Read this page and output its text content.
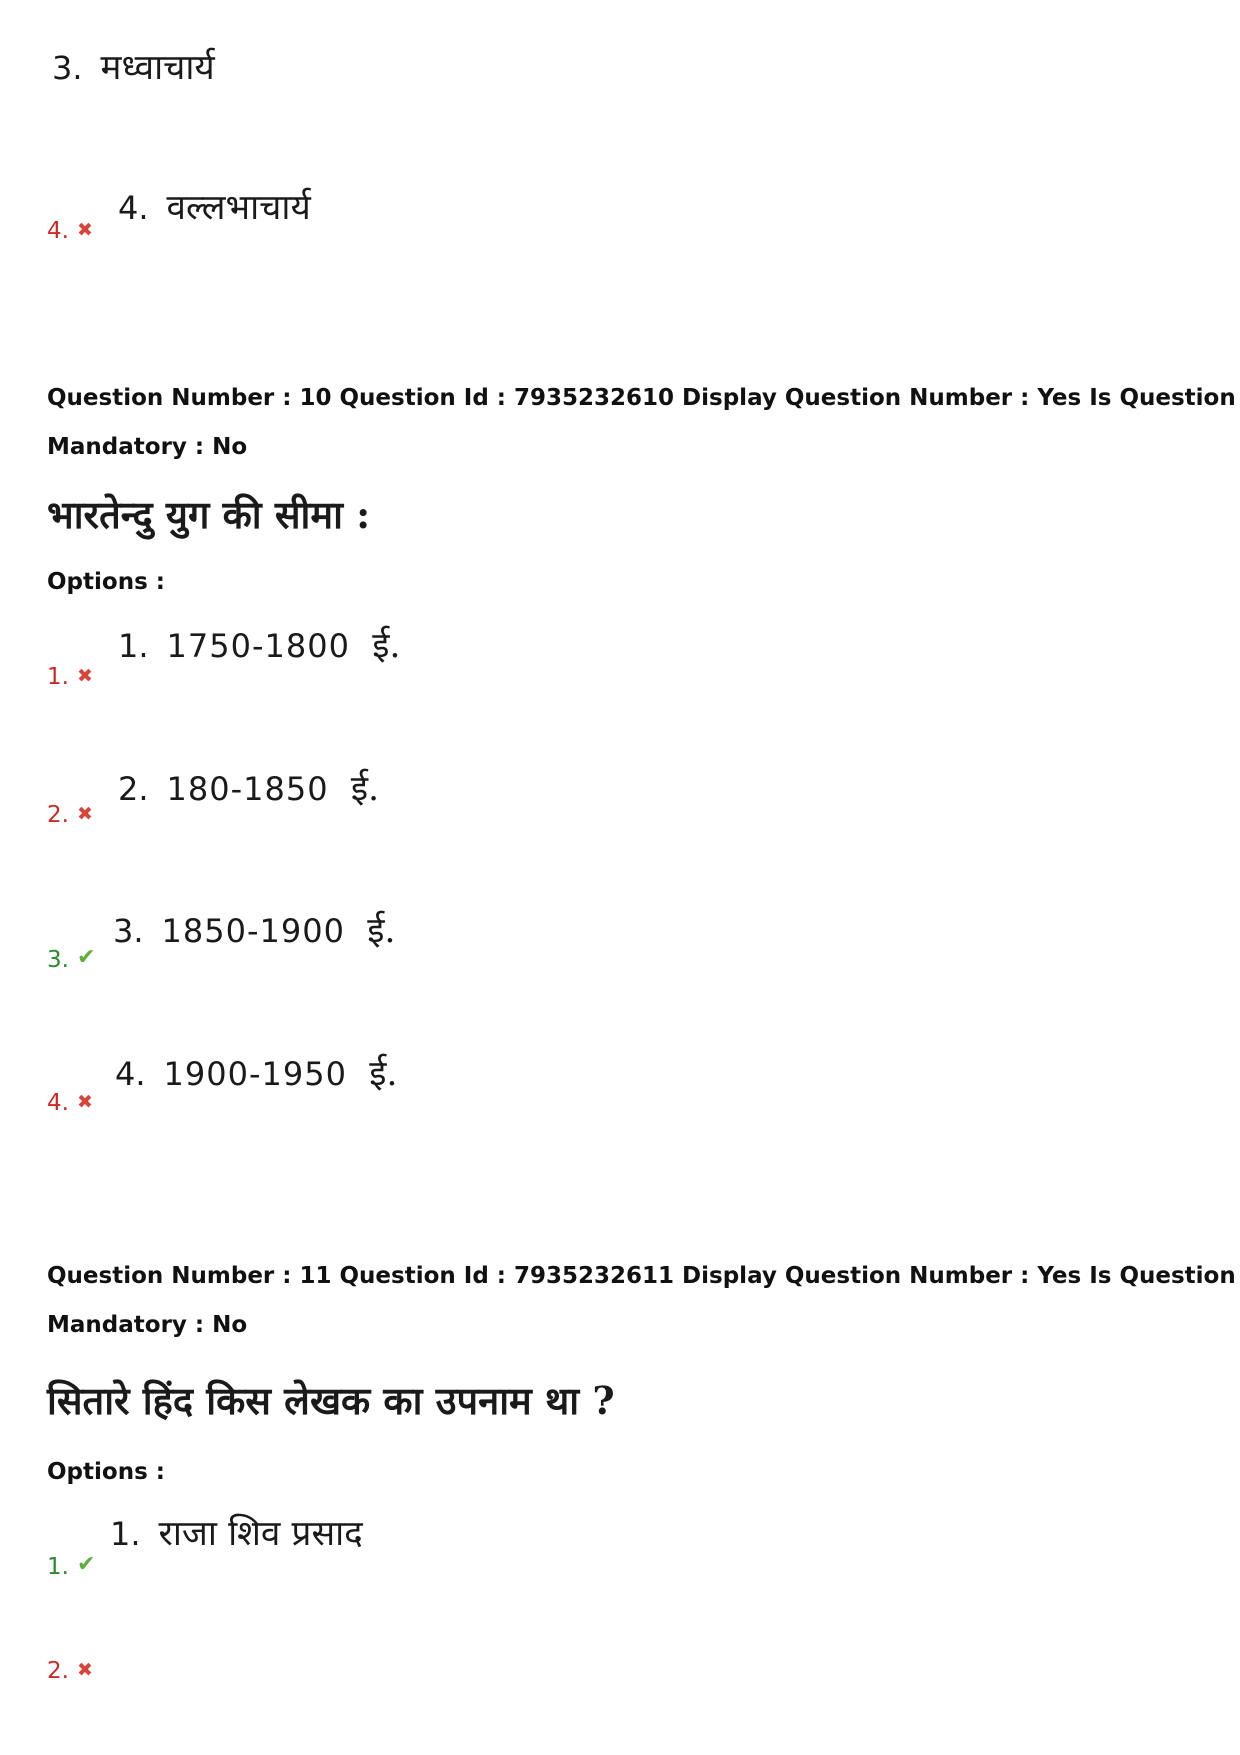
3. मध्वाचार्य
4. ✖
4. वल्लभाचार्य
Question Number : 10 Question Id : 7935232610 Display Question Number : Yes Is Question
Mandatory : No
भारतेन्दु युग की सीमा :
Options :
1. ✖
1. 1750-1800 ई.
2. ✖
2. 180-1850 ई.
3. ✔
3. 1850-1900 ई.
4. ✖
4. 1900-1950 ई.
Question Number : 11 Question Id : 7935232611 Display Question Number : Yes Is Question
Mandatory : No
सितारे हिंद किस लेखक का उपनाम था ?
Options :
1. ✔
1. राजा शिव प्रसाद
2. ✖
